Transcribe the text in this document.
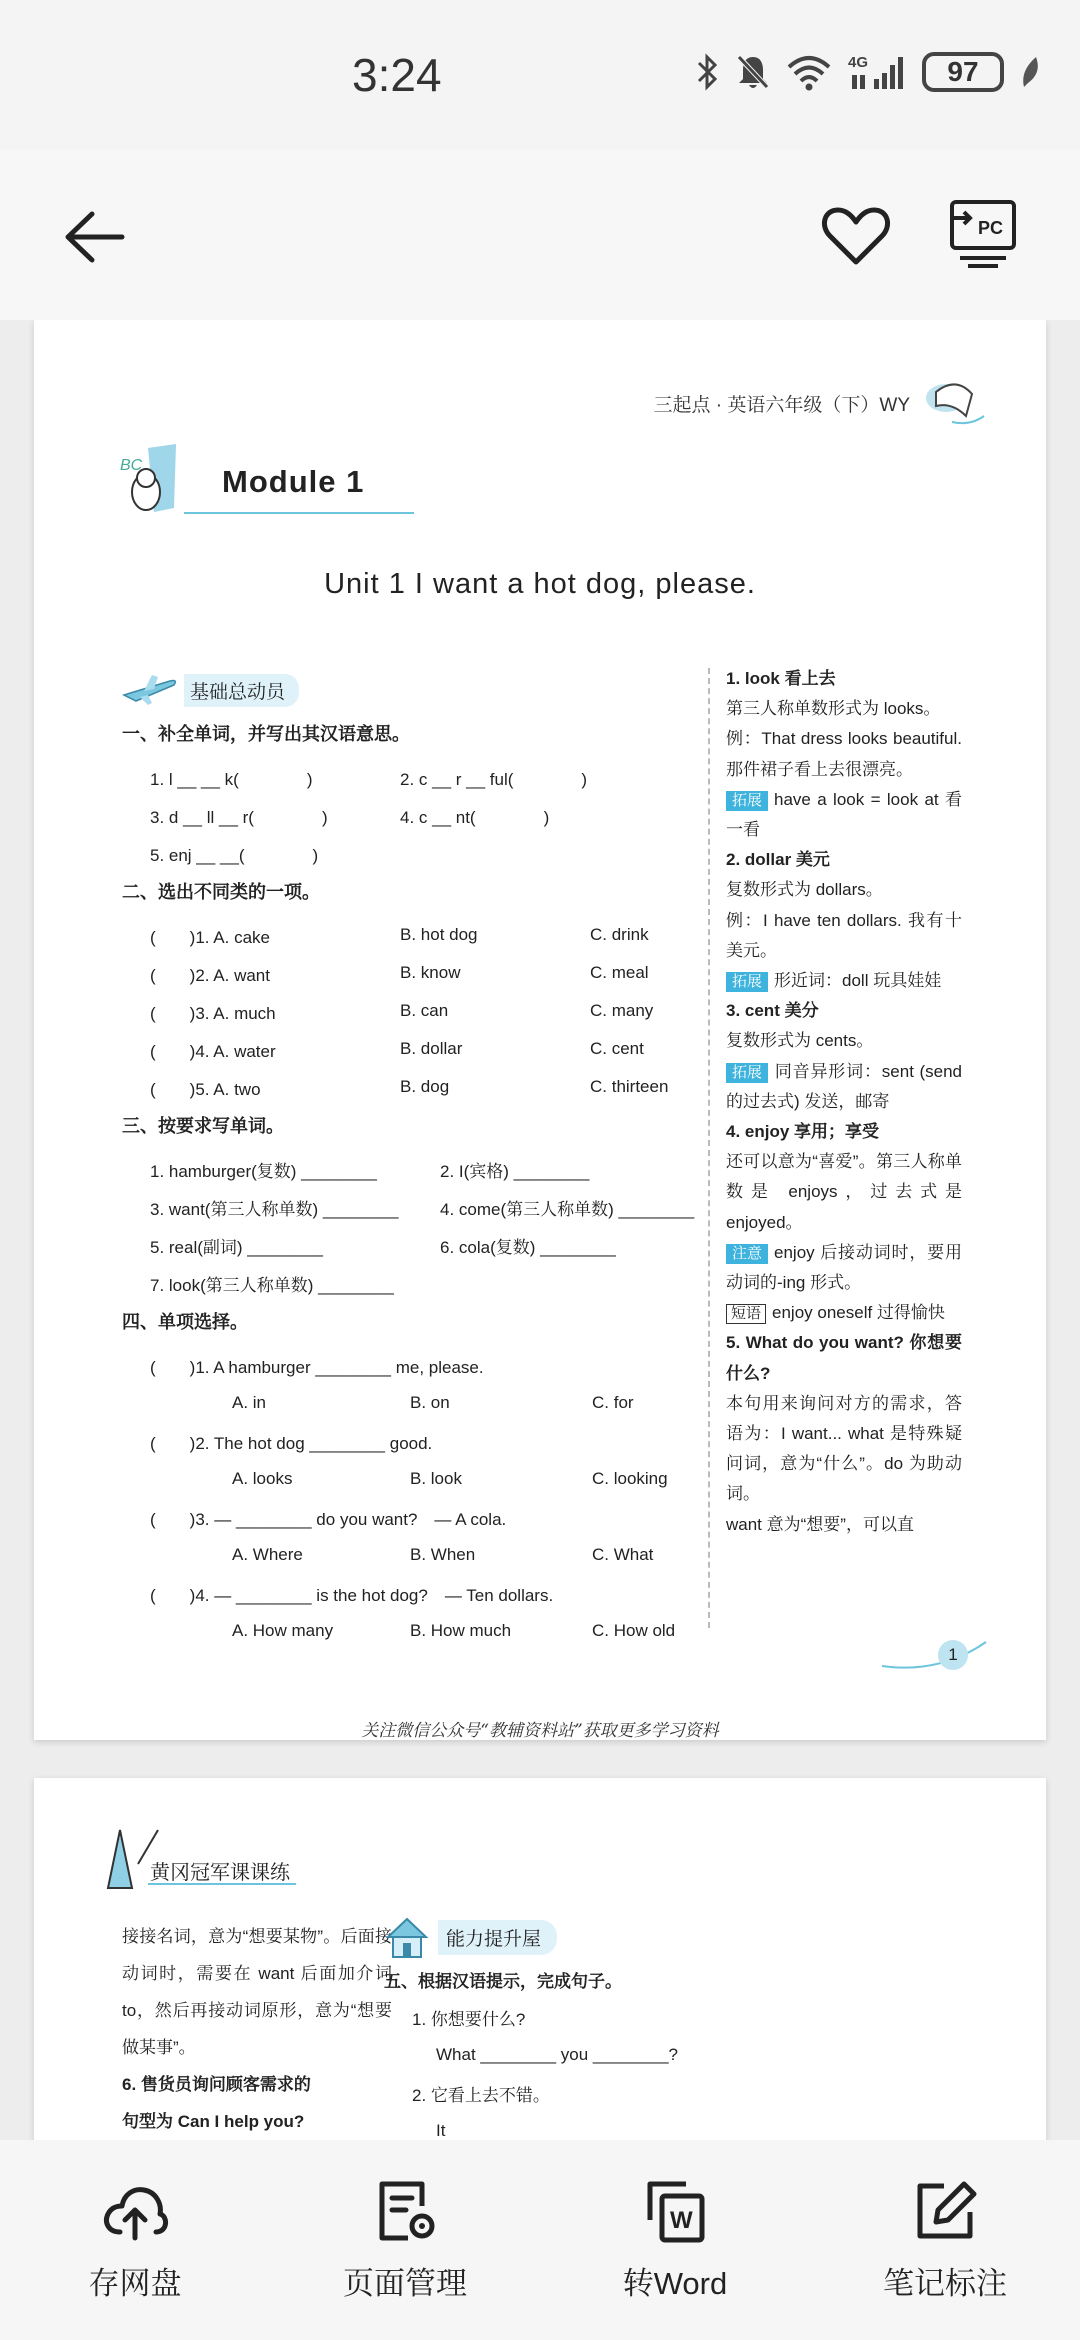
3:24	4G	97
PC
三起点 · 英语六年级（下）WY
BC	Module 1
Unit 1 I want a hot dog, please.
基础总动员
一、补全单词，并写出其汉语意思。
1. l __ __ k(　　　　)	2. c __ r __ ful(　　　　)
3. d __ ll __ r(　　　　)	4. c __ nt(　　　　)
5. enj __ __(　　　　)
二、选出不同类的一项。
(　　)1. A. cake	B. hot dog	C. drink
(　　)2. A. want	B. know	C. meal
(　　)3. A. much	B. can	C. many
(　　)4. A. water	B. dollar	C. cent
(　　)5. A. two	B. dog	C. thirteen
三、按要求写单词。
1. hamburger(复数) ________	2. I(宾格) ________
3. want(第三人称单数) ________	4. come(第三人称单数) ________
5. real(副词) ________	6. cola(复数) ________
7. look(第三人称单数) ________
四、单项选择。
(　　)1. A hamburger ________ me, please.
A. in	B. on	C. for
(　　)2. The hot dog ________ good.
A. looks	B. look	C. looking
(　　)3. — ________ do you want?　— A cola.
A. Where	B. When	C. What
(　　)4. — ________ is the hot dog?　— Ten dollars.
A. How many	B. How much	C. How old
1. look 看上去
第三人称单数形式为 looks。
例：That dress looks beautiful. 那件裙子看上去很漂亮。
拓展 have a look = look at 看一看
2. dollar 美元
复数形式为 dollars。
例：I have ten dollars. 我有十美元。
拓展 形近词：doll 玩具娃娃
3. cent 美分
复数形式为 cents。
拓展 同音异形词：sent (send 的过去式) 发送，邮寄
4. enjoy 享用；享受
还可以意为“喜爱”。第三人称单数是 enjoys，过去式是 enjoyed。
注意 enjoy 后接动词时，要用动词的-ing 形式。
短语 enjoy oneself 过得愉快
5. What do you want? 你想要什么?
本句用来询问对方的需求，答语为：I want... what 是特殊疑问词，意为“什么”。do 为助动词。
want 意为“想要”，可以直
1
关注微信公众号“教辅资料站”获取更多学习资料
黄冈冠军课课练
接接名词，意为“想要某物”。后面接动词时，需要在 want 后面加介词 to，然后再接动词原形，意为“想要做某事”。
6. 售货员询问顾客需求的
句型为 Can I help you?
能力提升屋
五、根据汉语提示，完成句子。
1. 你想要什么?
What ________ you ________?
2. 它看上去不错。
It
存网盘	页面管理
W
转Word	笔记标注
